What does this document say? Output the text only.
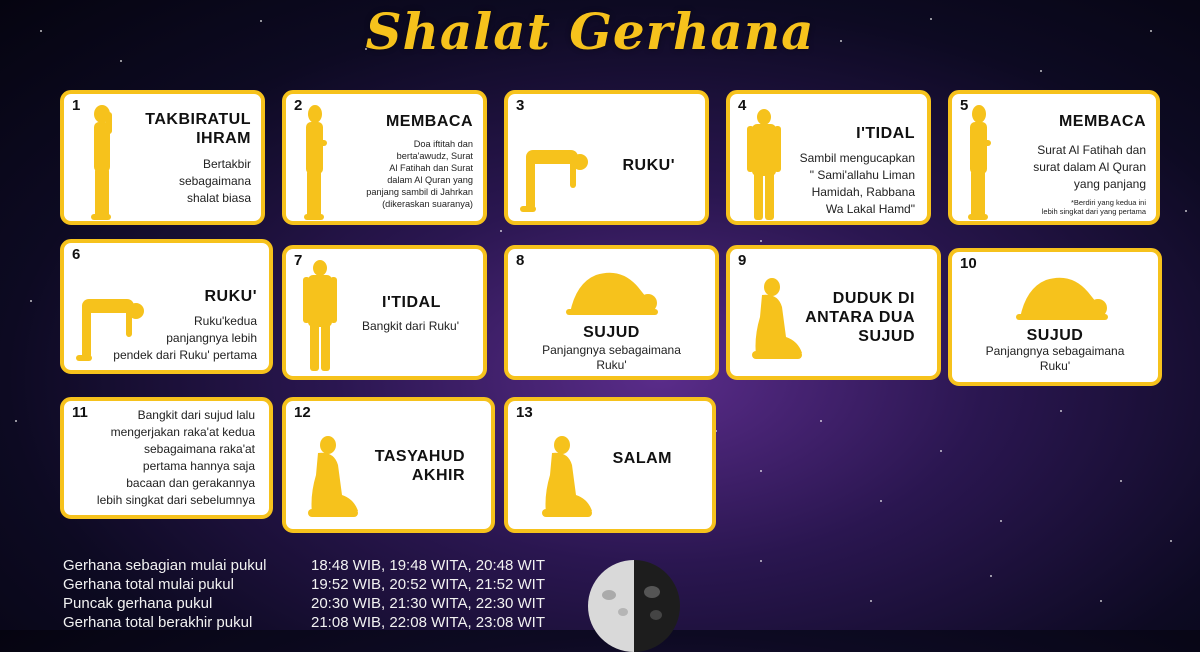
Shalat Gerhana
1
TAKBIRATUL
IHRAM
Bertakbir
sebagaimana
shalat biasa
2
MEMBACA
Doa iftitah dan
berta'awudz, Surat
Al Fatihah dan Surat
dalam Al Quran yang
panjang sambil di Jahrkan
(dikeraskan suaranya)
3
RUKU'
4
I'TIDAL
Sambil mengucapkan
" Sami'allahu Liman
Hamidah, Rabbana
Wa Lakal Hamd"
5
MEMBACA
Surat Al Fatihah dan
surat dalam Al Quran
yang panjang
*Berdiri yang kedua ini
lebih singkat dari yang pertama
6
RUKU'
Ruku'kedua
panjangnya lebih
pendek dari Ruku' pertama
7
I'TIDAL
Bangkit dari Ruku'
8
SUJUD
Panjangnya sebagaimana
Ruku'
9
DUDUK DI
ANTARA DUA
SUJUD
10
SUJUD
Panjangnya sebagaimana
Ruku'
11	Bangkit dari sujud lalu
mengerjakan raka'at kedua
sebagaimana raka'at
pertama hannya saja
bacaan dan gerakannya
lebih singkat dari sebelumnya
12
TASYAHUD
AKHIR
13
SALAM
Gerhana sebagian mulai pukul	18:48 WIB, 19:48 WITA, 20:48 WIT
Gerhana total mulai pukul	19:52 WIB, 20:52 WITA, 21:52 WIT
Puncak gerhana pukul	20:30 WIB, 21:30 WITA, 22:30 WIT
Gerhana total berakhir pukul	21:08 WIB, 22:08 WITA, 23:08 WIT
